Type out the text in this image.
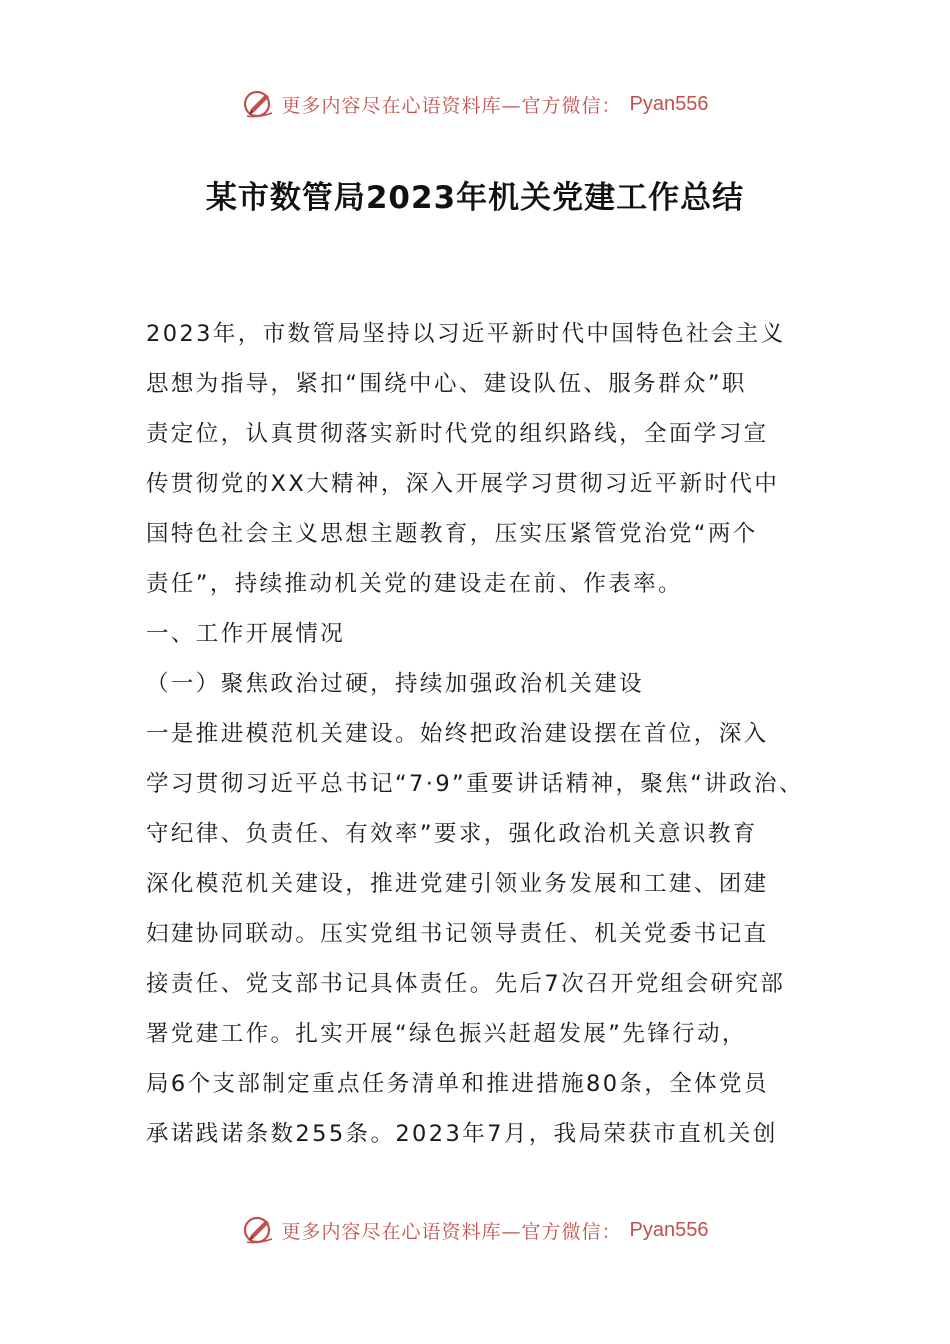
更多内容尽在心语资料库—官方微信： Pyan556
某市数管局2023年机关党建工作总结
2023年，市数管局坚持以习近平新时代中国特色社会主义
思想为指导，紧扣“围绕中心、建设队伍、服务群众”职
责定位，认真贯彻落实新时代党的组织路线，全面学习宣
传贯彻党的XX大精神，深入开展学习贯彻习近平新时代中
国特色社会主义思想主题教育，压实压紧管党治党“两个
责任”，持续推动机关党的建设走在前、作表率。
一、工作开展情况
（一）聚焦政治过硬，持续加强政治机关建设
一是推进模范机关建设。始终把政治建设摆在首位，深入
学习贯彻习近平总书记“7·9”重要讲话精神，聚焦“讲政治、
守纪律、负责任、有效率”要求，强化政治机关意识教育
深化模范机关建设，推进党建引领业务发展和工建、团建
妇建协同联动。压实党组书记领导责任、机关党委书记直
接责任、党支部书记具体责任。先后7次召开党组会研究部
署党建工作。扎实开展“绿色振兴赶超发展”先锋行动，
局6个支部制定重点任务清单和推进措施80条，全体党员
承诺践诺条数255条。2023年7月，我局荣获市直机关创
更多内容尽在心语资料库—官方微信： Pyan556
